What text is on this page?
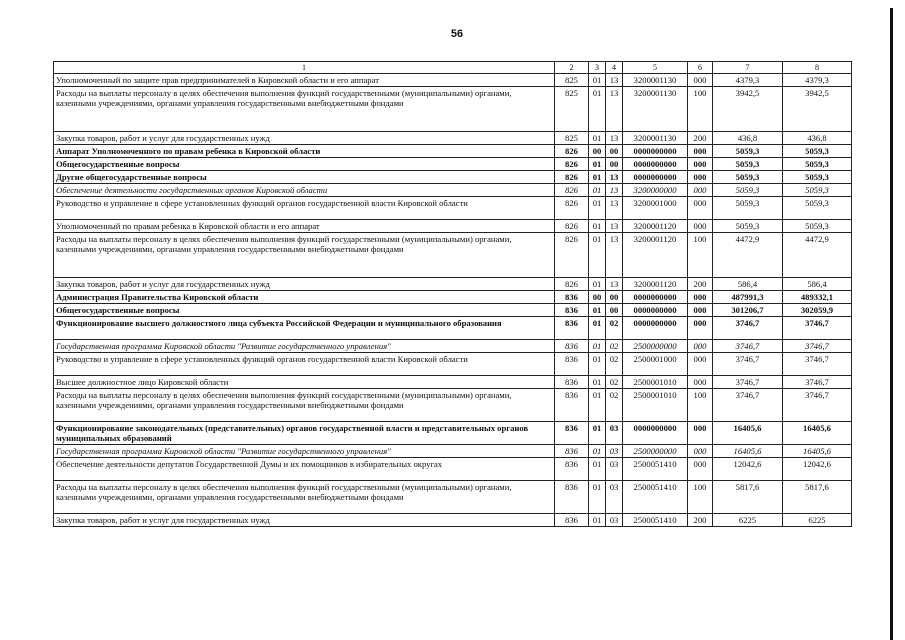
56
1	2	3	4	5	6	7	8
Уполномоченный по защите прав предпринимателей в Кировской области и его аппарат	825	01	13	3200001130	000	4379,3	4379,3
Расходы на выплаты персоналу в целях обеспечения выполнения функций государственными (муниципальными) органами, казенными учреждениями, органами управления государственными внебюджетными фондами	825	01	13	3200001130	100	3942,5	3942,5
Закупка товаров, работ и услуг для государственных нужд	825	01	13	3200001130	200	436,8	436,8
Аппарат Уполномоченного по правам ребенка в Кировской области	826	00	00	0000000000	000	5059,3	5059,3
Общегосударственные вопросы	826	01	00	0000000000	000	5059,3	5059,3
Другие общегосударственные вопросы	826	01	13	0000000000	000	5059,3	5059,3
Обеспечение деятельности государственных органов Кировской области	826	01	13	3200000000	000	5059,3	5059,3
Руководство и управление в сфере установленных функций органов государственной власти Кировской области	826	01	13	3200001000	000	5059,3	5059,3
Уполномоченный по правам ребенка в Кировской области и его аппарат	826	01	13	3200001120	000	5059,3	5059,3
Расходы на выплаты персоналу в целях обеспечения выполнения функций государственными (муниципальными) органами, казенными учреждениями, органами управления государственными внебюджетными фондами	826	01	13	3200001120	100	4472,9	4472,9
Закупка товаров, работ и услуг для государственных нужд	826	01	13	3200001120	200	586,4	586,4
Администрация Правительства Кировской области	836	00	00	0000000000	000	487991,3	489332,1
Общегосударственные вопросы	836	01	00	0000000000	000	301206,7	302059,9
Функционирование высшего должностного лица субъекта Российской Федерации и муниципального образования	836	01	02	0000000000	000	3746,7	3746,7
Государственная программа Кировской области "Развитие государственного управления"	836	01	02	2500000000	000	3746,7	3746,7
Руководство и управление в сфере установленных функций органов государственной власти Кировской области	836	01	02	2500001000	000	3746,7	3746,7
Высшее должностное лицо Кировской области	836	01	02	2500001010	000	3746,7	3746,7
Расходы на выплаты персоналу в целях обеспечения выполнения функций государственными (муниципальными) органами, казенными учреждениями, органами управления государственными внебюджетными фондами	836	01	02	2500001010	100	3746,7	3746,7
Функционирование законодательных (представительных) органов государственной власти и представительных органов муниципальных образований	836	01	03	0000000000	000	16405,6	16405,6
Государственная программа Кировской области "Развитие государственного управления"	836	01	03	2500000000	000	16405,6	16405,6
Обеспечение деятельности депутатов Государственной Думы и их помощников в избирательных округах	836	01	03	2500051410	000	12042,6	12042,6
Расходы на выплаты персоналу в целях обеспечения выполнения функций государственными (муниципальными) органами, казенными учреждениями, органами управления государственными внебюджетными фондами	836	01	03	2500051410	100	5817,6	5817,6
Закупка товаров, работ и услуг для государственных нужд	836	01	03	2500051410	200	6225	6225
